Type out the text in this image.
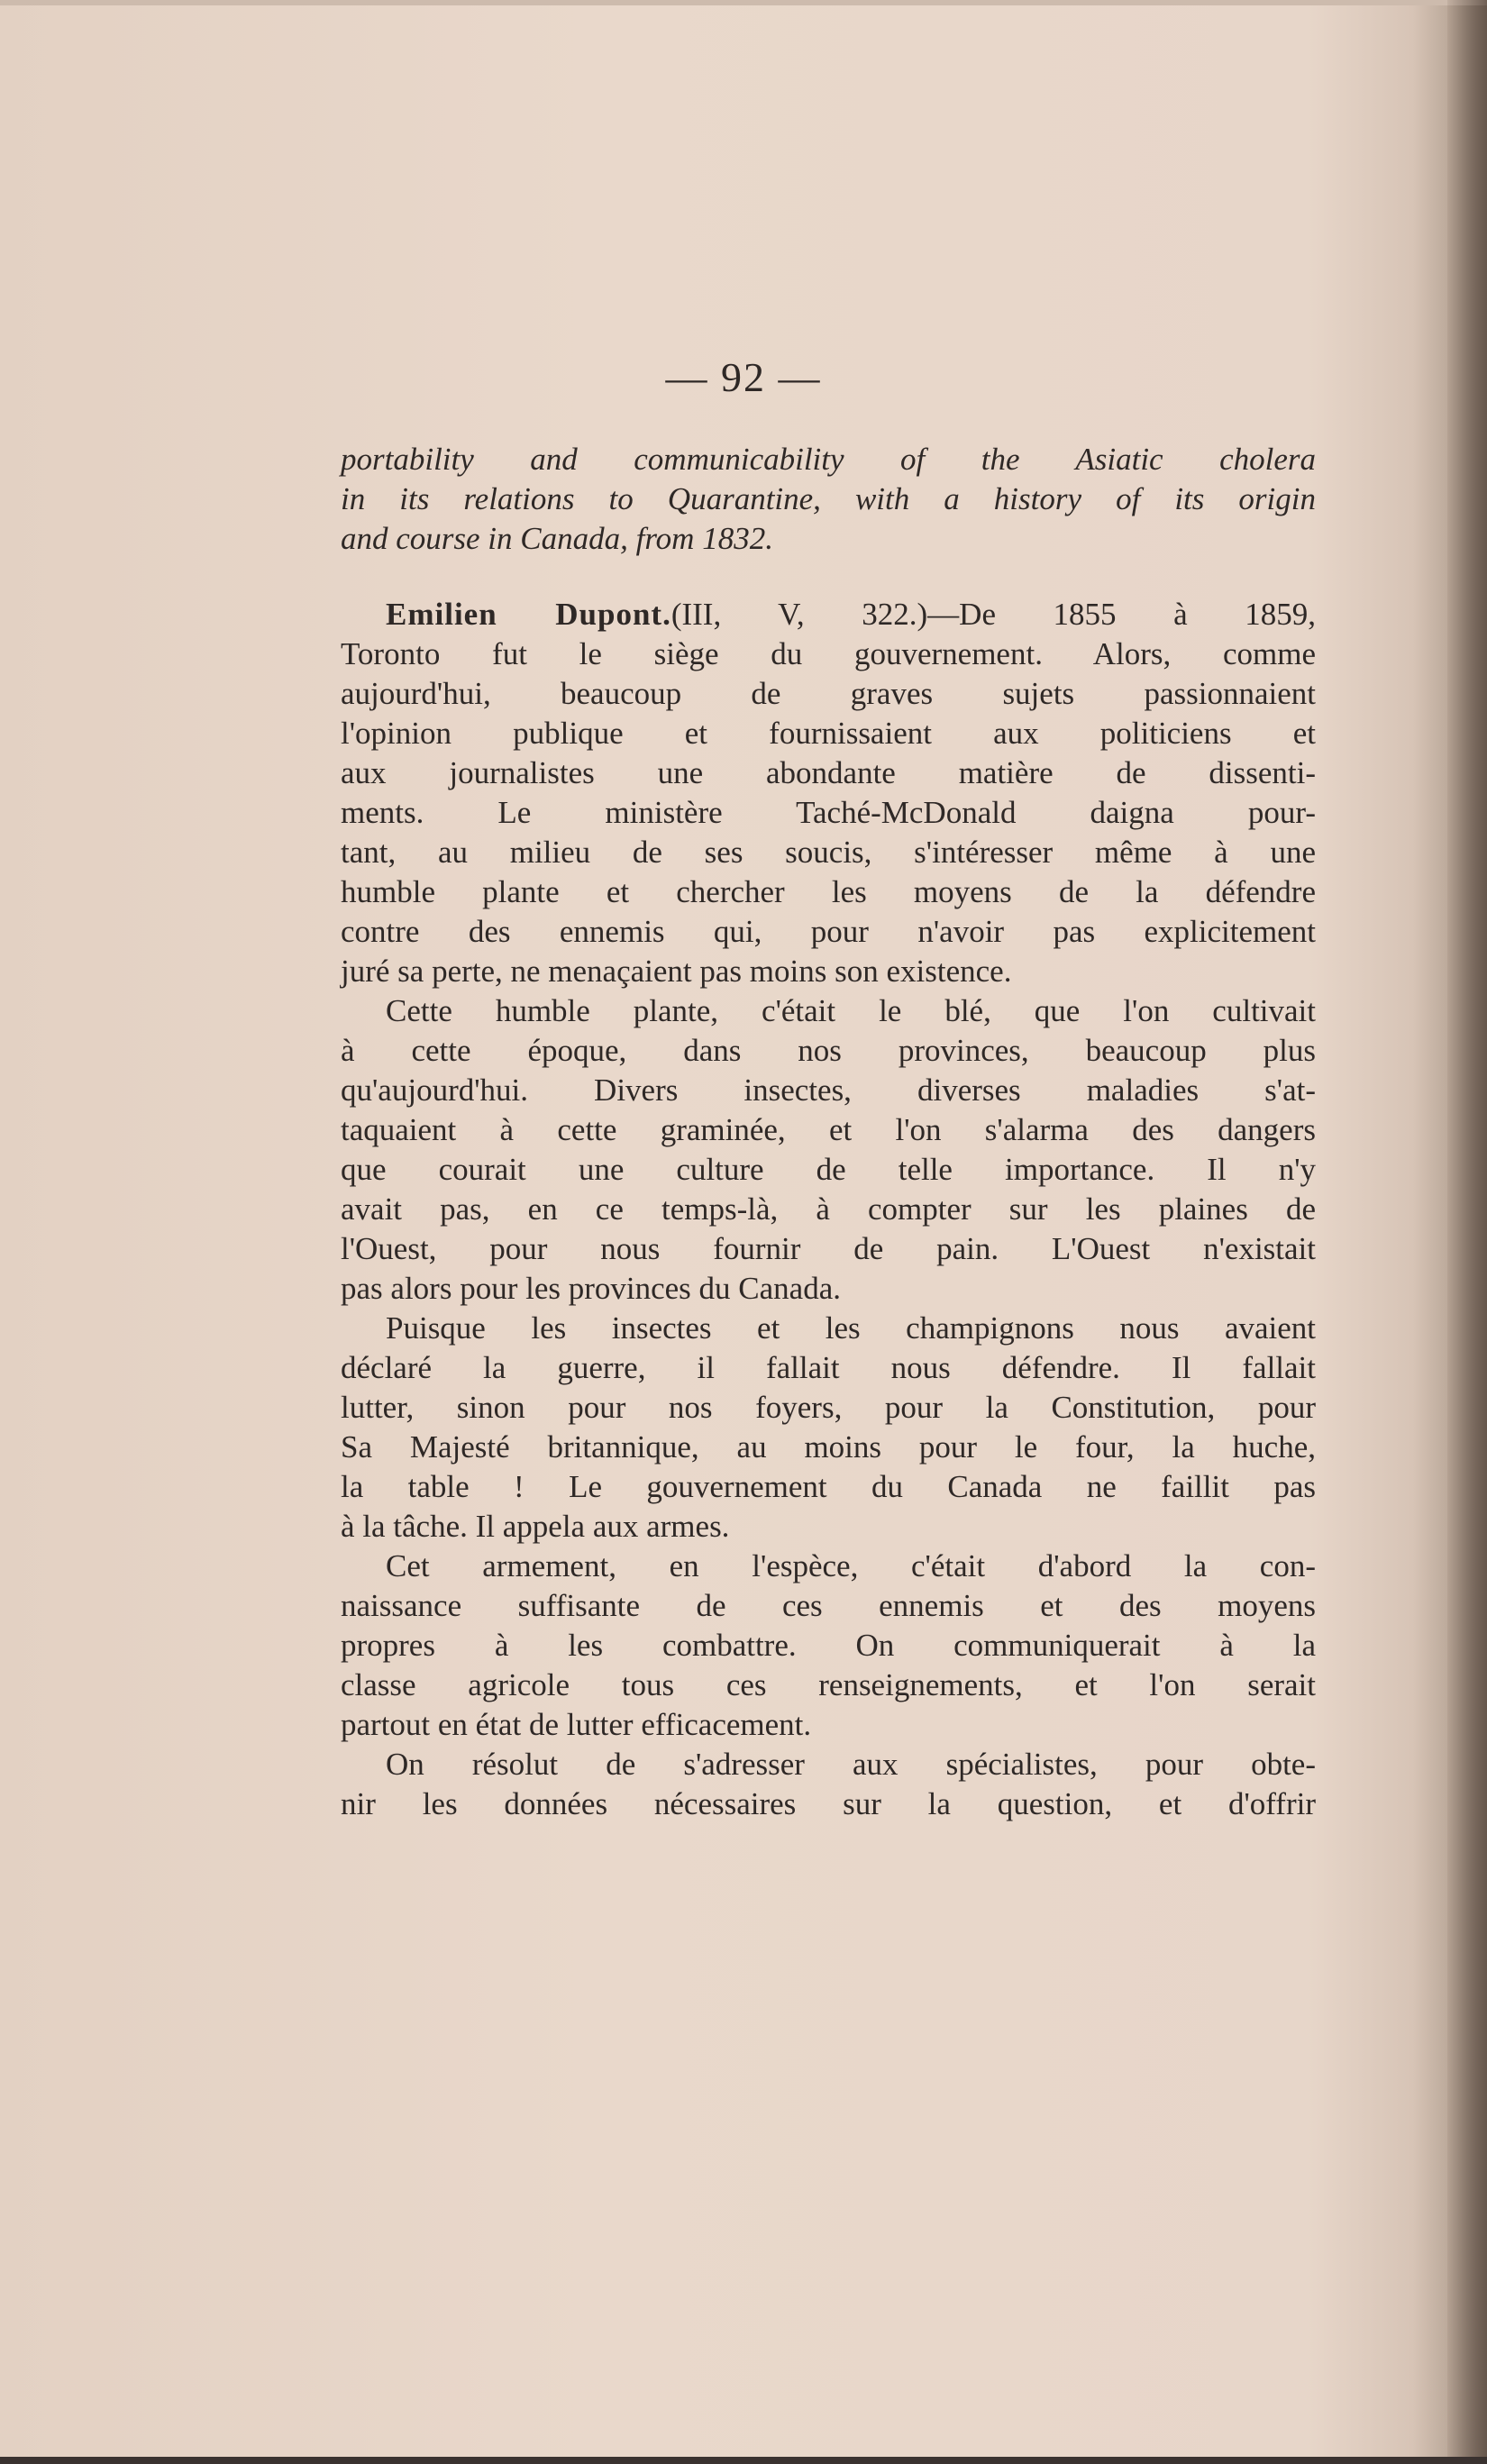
— 92 —
portability and communicability of the Asiatic cholera
in its relations to Quarantine, with a history of its origin
and course in Canada, from 1832.
Emilien Dupont.(III, V, 322.)—De 1855 à 1859,
Toronto fut le siège du gouvernement. Alors, comme
aujourd'hui, beaucoup de graves sujets passionnaient
l'opinion publique et fournissaient aux politiciens et
aux journalistes une abondante matière de dissenti-
ments. Le ministère Taché-McDonald daigna pour-
tant, au milieu de ses soucis, s'intéresser même à une
humble plante et chercher les moyens de la défendre
contre des ennemis qui, pour n'avoir pas explicitement
juré sa perte, ne menaçaient pas moins son existence.
Cette humble plante, c'était le blé, que l'on cultivait
à cette époque, dans nos provinces, beaucoup plus
qu'aujourd'hui. Divers insectes, diverses maladies s'at-
taquaient à cette graminée, et l'on s'alarma des dangers
que courait une culture de telle importance. Il n'y
avait pas, en ce temps-là, à compter sur les plaines de
l'Ouest, pour nous fournir de pain. L'Ouest n'existait
pas alors pour les provinces du Canada.
Puisque les insectes et les champignons nous avaient
déclaré la guerre, il fallait nous défendre. Il fallait
lutter, sinon pour nos foyers, pour la Constitution, pour
Sa Majesté britannique, au moins pour le four, la huche,
la table ! Le gouvernement du Canada ne faillit pas
à la tâche. Il appela aux armes.
Cet armement, en l'espèce, c'était d'abord la con-
naissance suffisante de ces ennemis et des moyens
propres à les combattre. On communiquerait à la
classe agricole tous ces renseignements, et l'on serait
partout en état de lutter efficacement.
On résolut de s'adresser aux spécialistes, pour obte-
nir les données nécessaires sur la question, et d'offrir
